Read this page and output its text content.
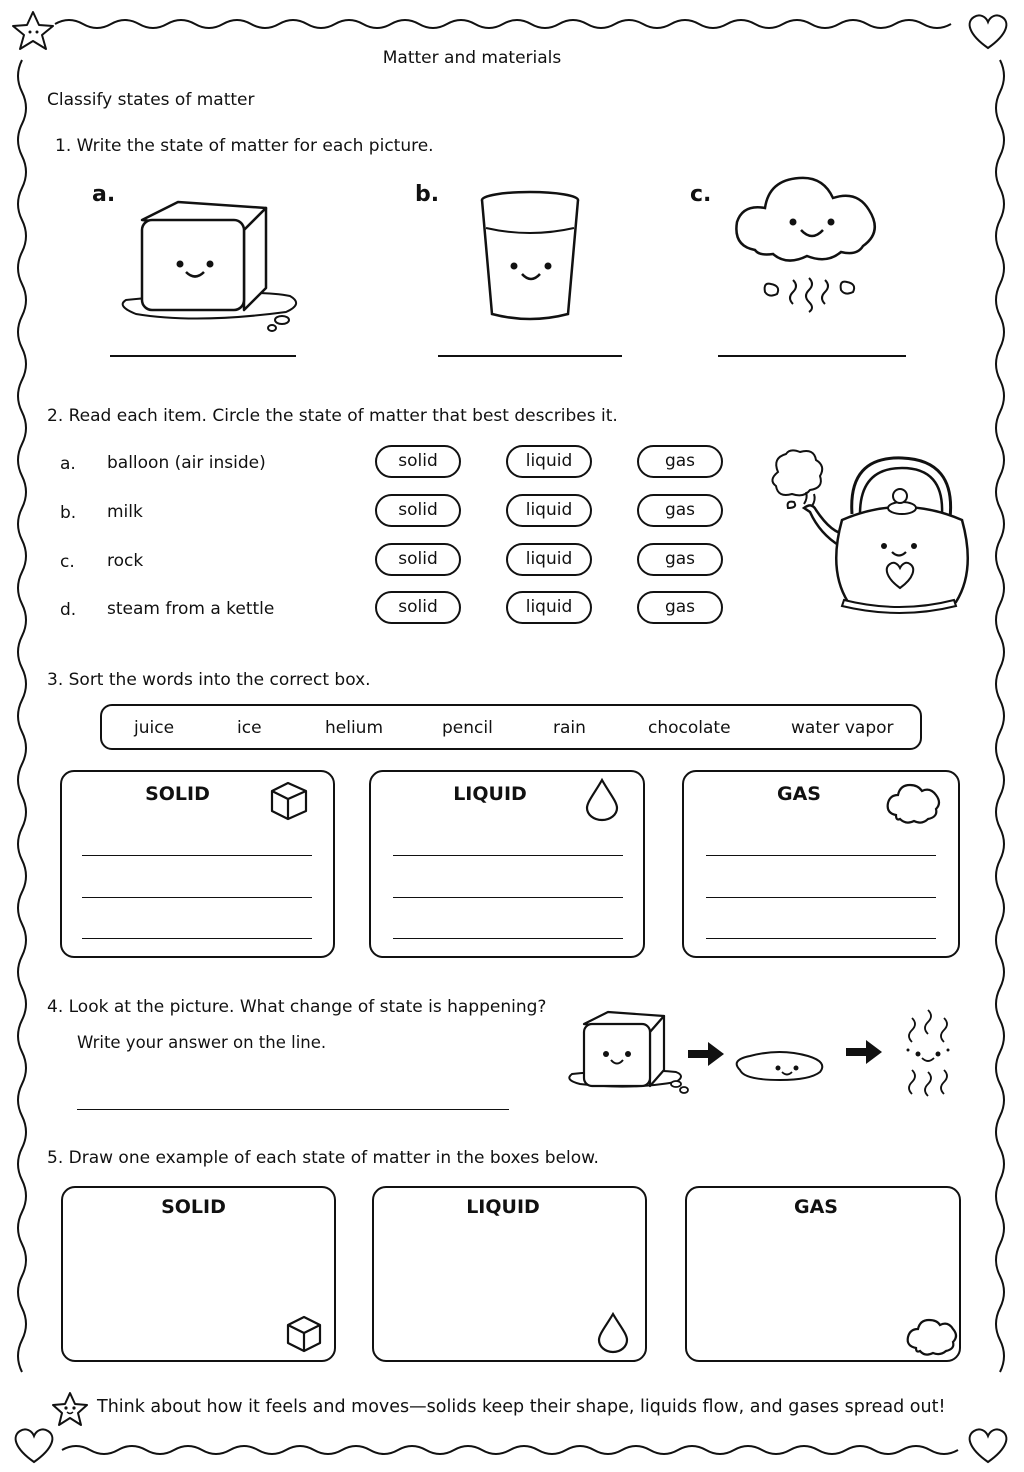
Matter and materials
Classify states of matter
1. Write the state of matter for each picture.
a.	b.	c.
2. Read each item. Circle the state of matter that best describes it.
a. balloon (air inside)	solid	liquid	gas
b. milk	solid	liquid	gas
c. rock	solid	liquid	gas
d. steam from a kettle	solid	liquid	gas
3. Sort the words into the correct box.
juice	ice	helium	pencil	rain	chocolate	water vapor
SOLID	LIQUID	GAS
4. Look at the picture. What change of state is happening?
Write your answer on the line.
5. Draw one example of each state of matter in the boxes below.
SOLID	LIQUID	GAS
Think about how it feels and moves—solids keep their shape, liquids flow, and gases spread out!
